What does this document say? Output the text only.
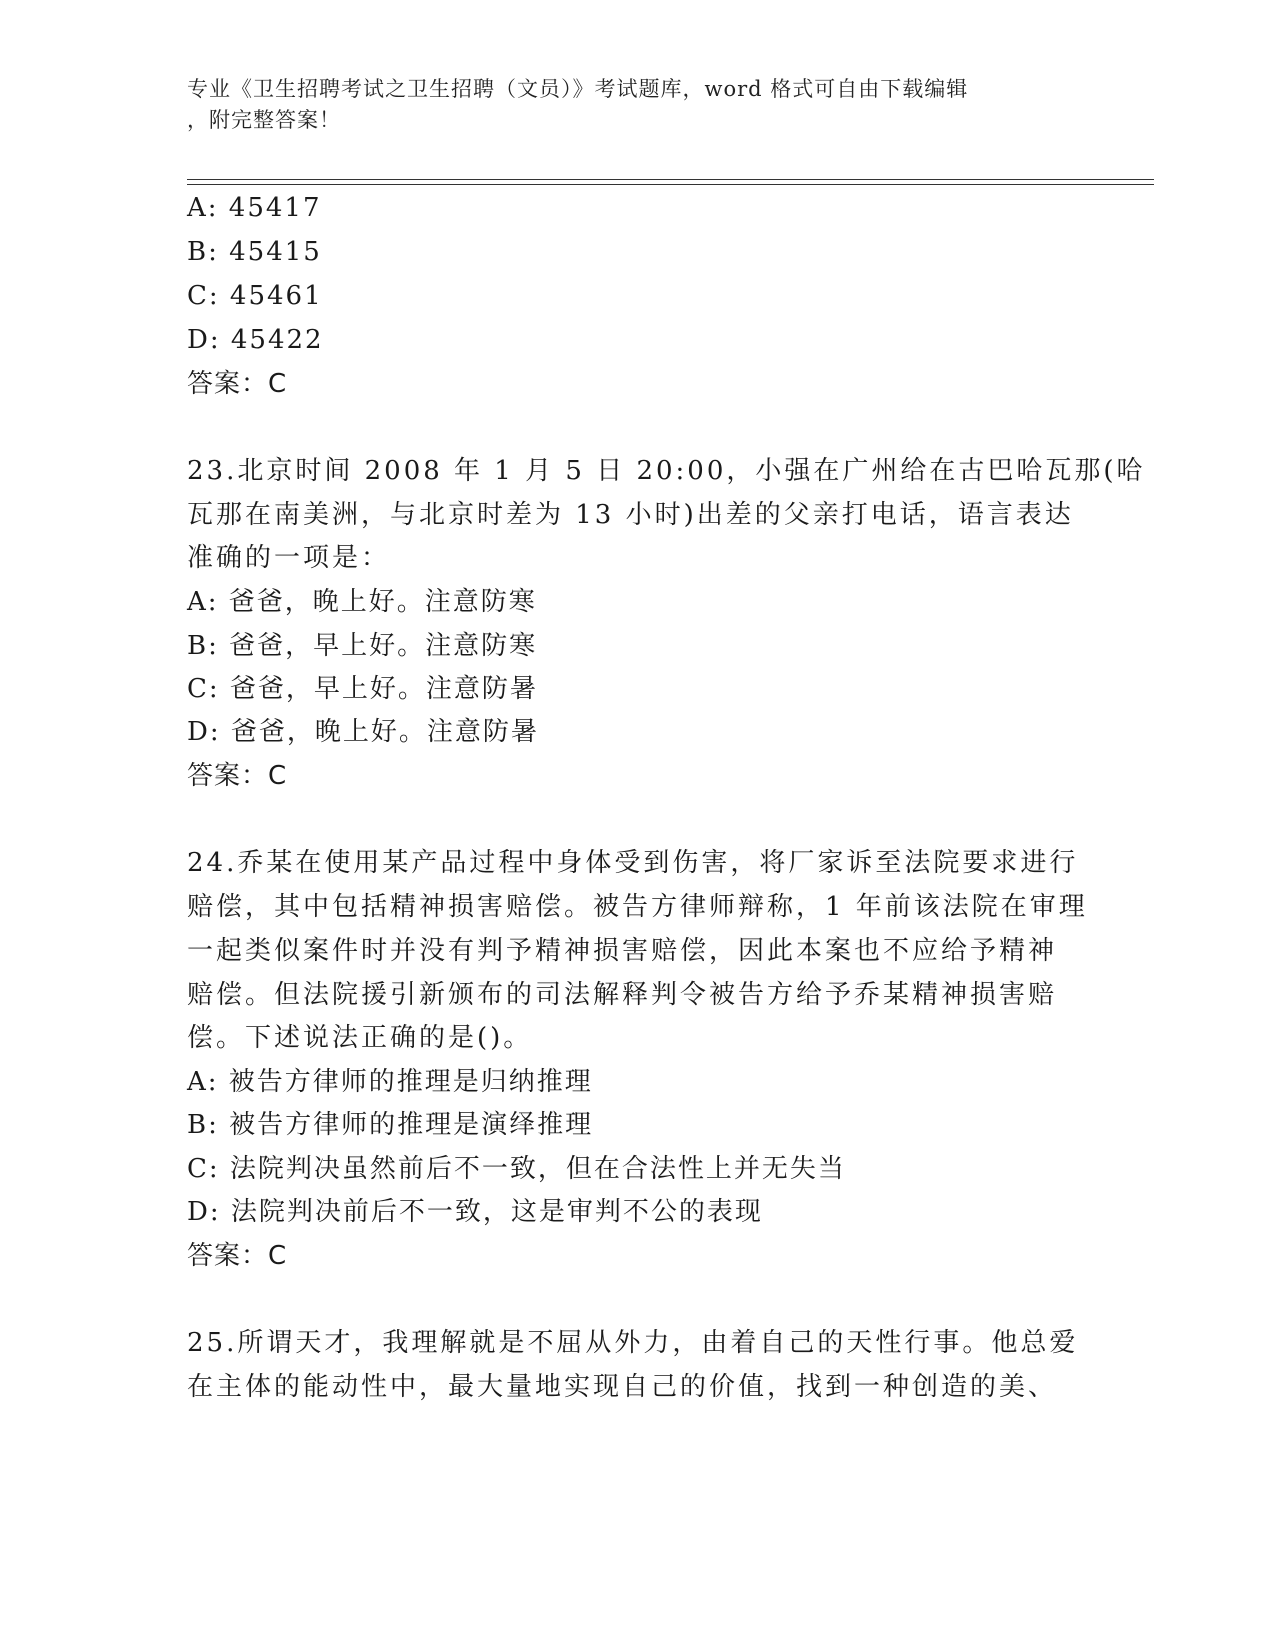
专业《卫生招聘考试之卫生招聘（文员）》考试题库，word 格式可自由下载编辑
，附完整答案！
A: 45417
B: 45415
C: 45461
D: 45422
答案：C
23.北京时间 2008 年 1 月 5 日 20:00，小强在广州给在古巴哈瓦那(哈
瓦那在南美洲，与北京时差为 13 小时)出差的父亲打电话，语言表达
准确的一项是：
A: 爸爸，晚上好。注意防寒
B: 爸爸，早上好。注意防寒
C: 爸爸，早上好。注意防暑
D: 爸爸，晚上好。注意防暑
答案：C
24.乔某在使用某产品过程中身体受到伤害，将厂家诉至法院要求进行
赔偿，其中包括精神损害赔偿。被告方律师辩称，1 年前该法院在审理
一起类似案件时并没有判予精神损害赔偿，因此本案也不应给予精神
赔偿。但法院援引新颁布的司法解释判令被告方给予乔某精神损害赔
偿。下述说法正确的是()。
A: 被告方律师的推理是归纳推理
B: 被告方律师的推理是演绎推理
C: 法院判决虽然前后不一致，但在合法性上并无失当
D: 法院判决前后不一致，这是审判不公的表现
答案：C
25.所谓天才，我理解就是不屈从外力，由着自己的天性行事。他总爱
在主体的能动性中，最大量地实现自己的价值，找到一种创造的美、
